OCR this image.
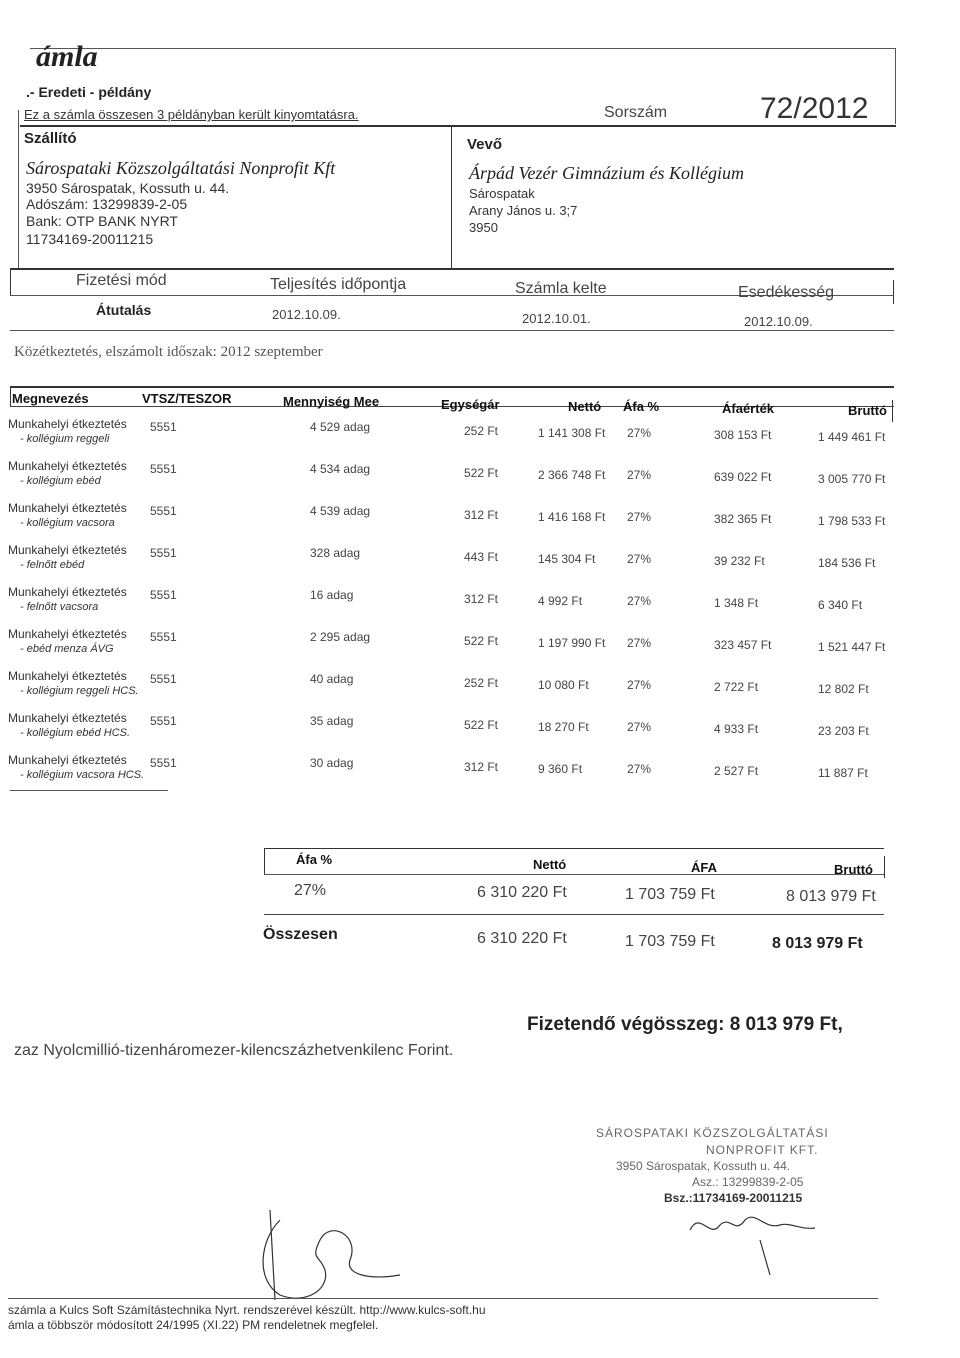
ámla
.- Eredeti - példány
Ez a számla összesen 3 példányban került kinyomtatásra.	Sorszám	72/2012
Szállító
Sárospataki Közszolgáltatási Nonprofit Kft
3950 Sárospatak, Kossuth u. 44.
Adószám: 13299839-2-05
Bank: OTP BANK NYRT
11734169-20011215
Vevő
Árpád Vezér Gimnázium és Kollégium
Sárospatak
Arany János u. 3;7
3950
Fizetési mód
Átutalás
Teljesítés időpontja
2012.10.09.
Számla kelte
2012.10.01.
Esedékesség
2012.10.09.
Közétkeztetés, elszámolt időszak: 2012 szeptember
Megnevezés	VTSZ/TESZOR	Mennyiség Mee	Egységár	Nettó Áfa %	Áfaérték	Bruttó
Munkahelyi étkeztetés
- kollégium reggeli
5551	4 529 adag	252 Ft	1 141 308 Ft 27%	308 153 Ft	1 449 461 Ft
Munkahelyi étkeztetés
- kollégium ebéd
5551	4 534 adag	522 Ft	2 366 748 Ft 27%	639 022 Ft	3 005 770 Ft
Munkahelyi étkeztetés
- kollégium vacsora
5551	4 539 adag	312 Ft	1 416 168 Ft 27%	382 365 Ft	1 798 533 Ft
Munkahelyi étkeztetés
- felnőtt ebéd
5551	328 adag	443 Ft	145 304 Ft	27%	39 232 Ft	184 536 Ft
Munkahelyi étkeztetés
- felnőtt vacsora
5551	16 adag	312 Ft	4 992 Ft	27%	1 348 Ft	6 340 Ft
Munkahelyi étkeztetés
- ebéd menza ÁVG
5551	2 295 adag	522 Ft	1 197 990 Ft 27%	323 457 Ft	1 521 447 Ft
Munkahelyi étkeztetés
- kollégium reggeli HCS.
5551	40 adag	252 Ft	10 080 Ft	27%	2 722 Ft	12 802 Ft
Munkahelyi étkeztetés
- kollégium ebéd HCS.
5551	35 adag	522 Ft	18 270 Ft	27%	4 933 Ft	23 203 Ft
Munkahelyi étkeztetés
- kollégium vacsora HCS.
5551	30 adag	312 Ft	9 360 Ft	27%	2 527 Ft	11 887 Ft
Áfa %	Nettó	ÁFA	Bruttó
27%	6 310 220 Ft	1 703 759 Ft	8 013 979 Ft
Összesen	6 310 220 Ft	1 703 759 Ft	8 013 979 Ft
Fizetendő végösszeg: 8 013 979 Ft,
zaz Nyolcmillió-tizenháromezer-kilencszázhetvenkilenc Forint.
SÁROSPATAKI KÖZSZOLGÁLTATÁSI
NONPROFIT KFT.
3950 Sárospatak, Kossuth u. 44.
Asz.: 13299839-2-05
Bsz.:11734169-20011215
számla a Kulcs Soft Számítástechnika Nyrt. rendszerével készült. http://www.kulcs-soft.hu
ámla a többször módosított 24/1995 (XI.22) PM rendeletnek megfelel.
